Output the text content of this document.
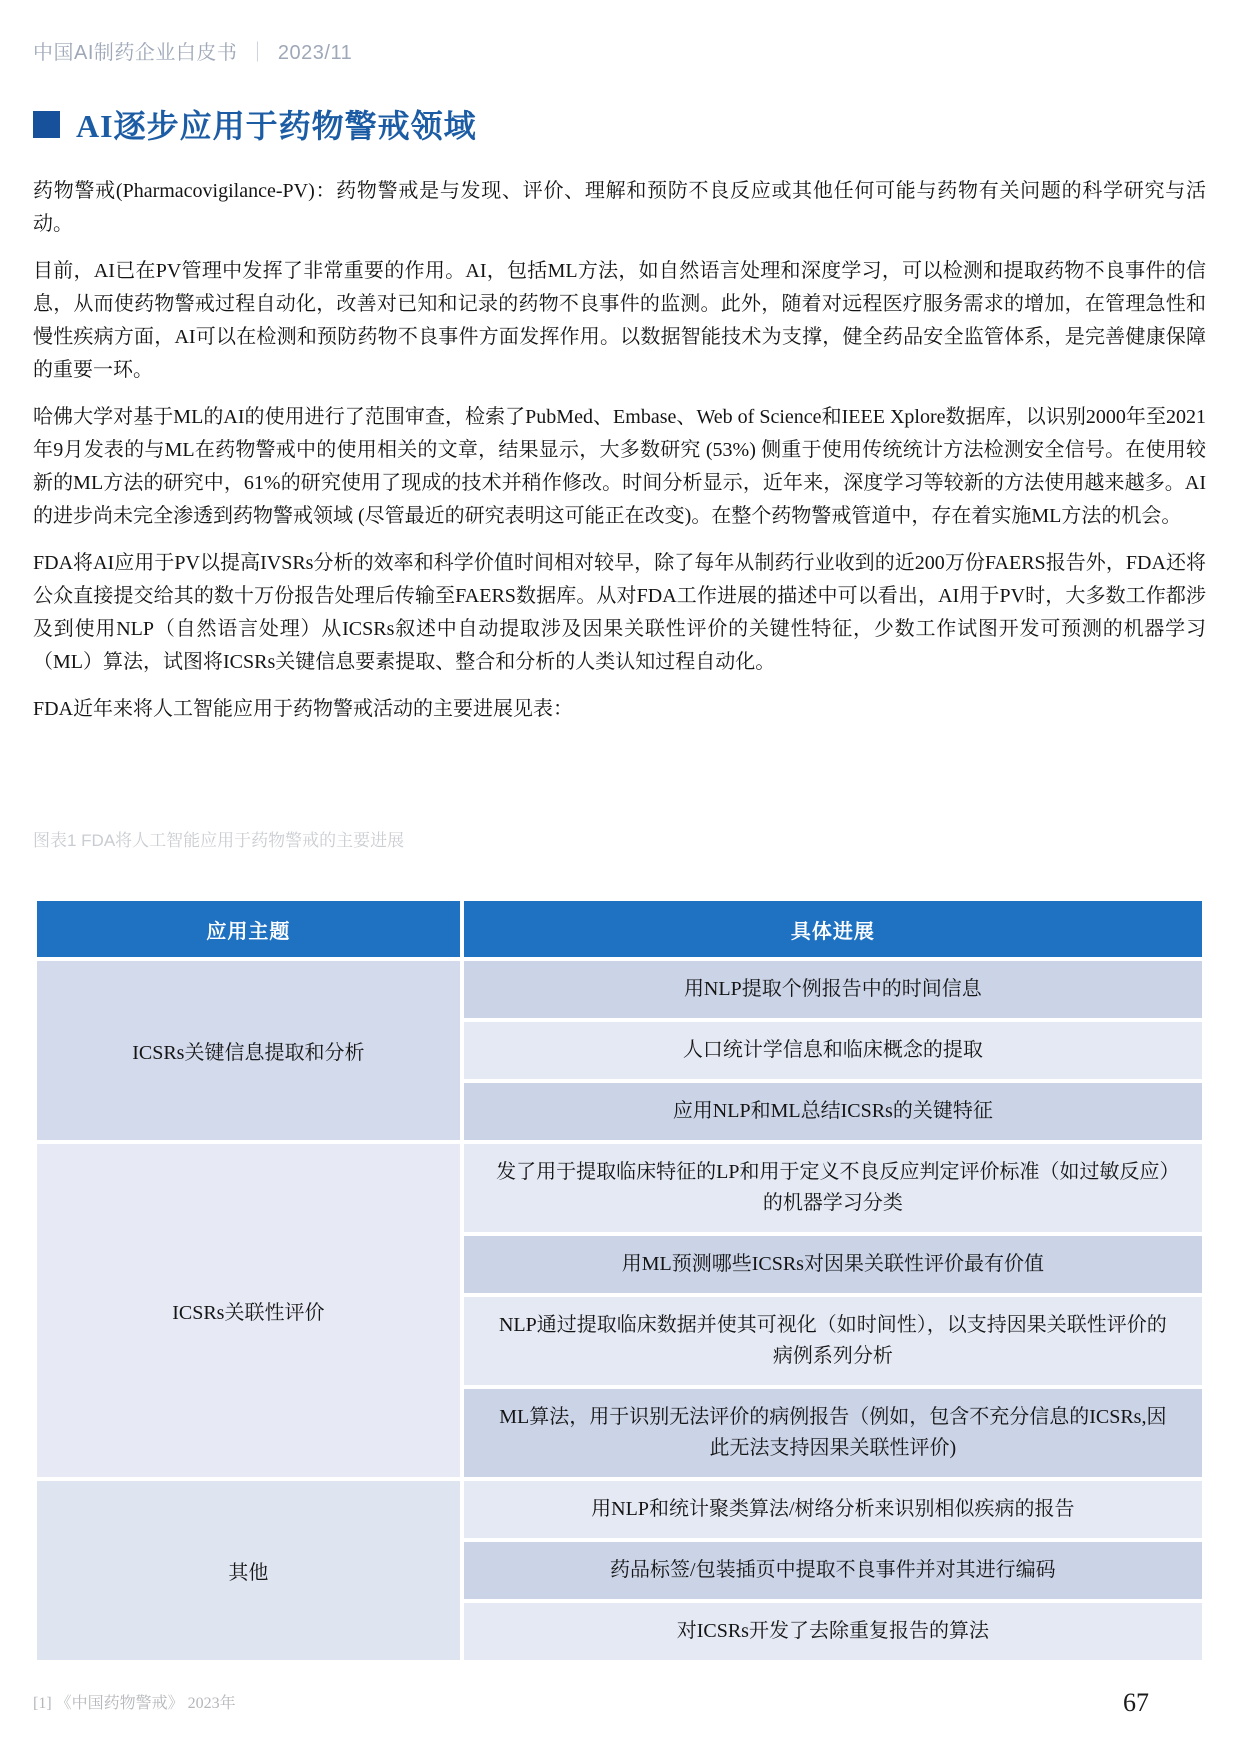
中国AI制药企业白皮书 ｜ 2023/11
AI逐步应用于药物警戒领域

药物警戒(Pharmacovigilance-PV)：药物警戒是与发现、评价、理解和预防不良反应或其他任何可能与药物有关问题的科学研究与活动。

目前，AI已在PV管理中发挥了非常重要的作用。AI，包括ML方法，如自然语言处理和深度学习，可以检测和提取药物不良事件的信息，从而使药物警戒过程自动化，改善对已知和记录的药物不良事件的监测。此外，随着对远程医疗服务需求的增加，在管理急性和慢性疾病方面，AI可以在检测和预防药物不良事件方面发挥作用。以数据智能技术为支撑，健全药品安全监管体系，是完善健康保障的重要一环。

哈佛大学对基于ML的AI的使用进行了范围审查，检索了PubMed、Embase、Web of Science和IEEE Xplore数据库，以识别2000年至2021年9月发表的与ML在药物警戒中的使用相关的文章，结果显示，大多数研究 (53%) 侧重于使用传统统计方法检测安全信号。在使用较新的ML方法的研究中，61%的研究使用了现成的技术并稍作修改。时间分析显示，近年来，深度学习等较新的方法使用越来越多。AI的进步尚未完全渗透到药物警戒领域 (尽管最近的研究表明这可能正在改变)。在整个药物警戒管道中，存在着实施ML方法的机会。

FDA将AI应用于PV以提高IVSRs分析的效率和科学价值时间相对较早，除了每年从制药行业收到的近200万份FAERS报告外，FDA还将公众直接提交给其的数十万份报告处理后传输至FAERS数据库。从对FDA工作进展的描述中可以看出，AI用于PV时，大多数工作都涉及到使用NLP（自然语言处理）从ICSRs叙述中自动提取涉及因果关联性评价的关键性特征，少数工作试图开发可预测的机器学习（ML）算法，试图将ICSRs关键信息要素提取、整合和分析的人类认知过程自动化。

FDA近年来将人工智能应用于药物警戒活动的主要进展见表：

图表1 FDA将人工智能应用于药物警戒的主要进展
应用主题	具体进展
ICSRs关键信息提取和分析	用NLP提取个例报告中的时间信息
	人口统计学信息和临床概念的提取
	应用NLP和ML总结ICSRs的关键特征
ICSRs关联性评价	发了用于提取临床特征的LP和用于定义不良反应判定评价标准（如过敏反应）的机器学习分类
	用ML预测哪些ICSRs对因果关联性评价最有价值
	NLP通过提取临床数据并使其可视化（如时间性），以支持因果关联性评价的病例系列分析
	ML算法，用于识别无法评价的病例报告（例如，包含不充分信息的ICSRs,因此无法支持因果关联性评价)
其他	用NLP和统计聚类算法/树络分析来识别相似疾病的报告
	药品标签/包装插页中提取不良事件并对其进行编码
	对ICSRs开发了去除重复报告的算法
[1] 《中国药物警戒》 2023年	67
